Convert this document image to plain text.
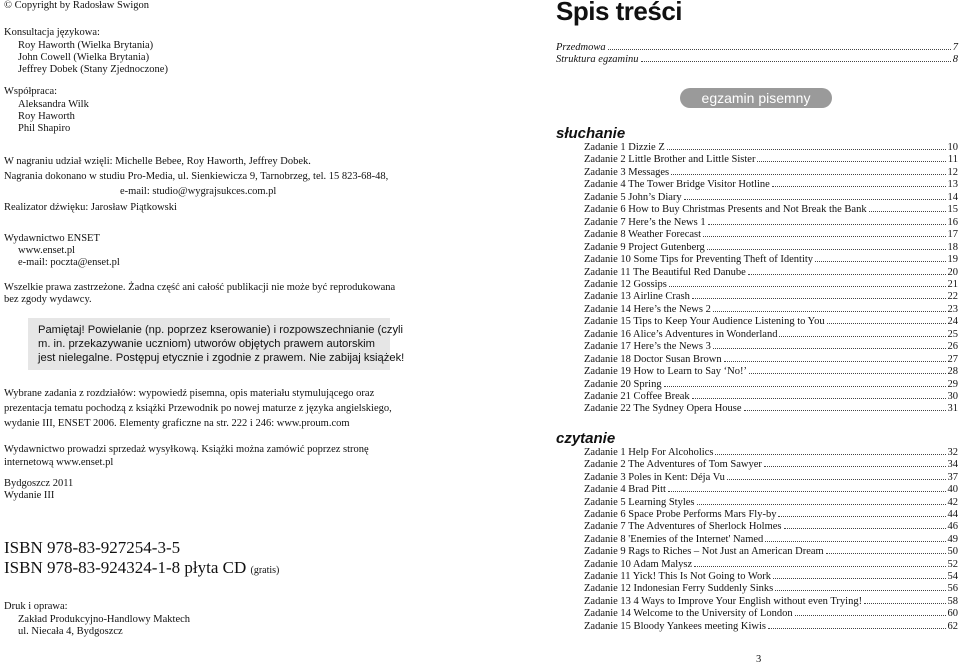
© Copyright by Radosław Swigon
Konsultacja językowa:
Roy Haworth (Wielka Brytania)
John Cowell (Wielka Brytania)
Jeffrey Dobek (Stany Zjednoczone)
Współpraca:
Aleksandra Wilk
Roy Haworth
Phil Shapiro
W nagraniu udział wzięli: Michelle Bebee, Roy Haworth, Jeffrey Dobek.
Nagrania dokonano w studiu Pro-Media, ul. Sienkiewicza 9, Tarnobrzeg, tel. 15 823-68-48,
e-mail: studio@wygrajsukces.com.pl
Realizator dźwięku: Jarosław Piątkowski
Wydawnictwo ENSET
www.enset.pl
e-mail: poczta@enset.pl
Wszelkie prawa zastrzeżone. Żadna część ani całość publikacji nie może być reprodukowana
bez zgody wydawcy.
Pamiętaj! Powielanie (np. poprzez kserowanie) i rozpowszechnianie (czyli
m. in. przekazywanie uczniom) utworów objętych prawem autorskim
jest nielegalne. Postępuj etycznie i zgodnie z prawem. Nie zabijaj książek!
Wybrane zadania z rozdziałów: wypowiedź pisemna, opis materiału stymulującego oraz
prezentacja tematu pochodzą z książki Przewodnik po nowej maturze z języka angielskiego,
wydanie III, ENSET 2006. Elementy graficzne na str. 222 i 246: www.proum.com
Wydawnictwo prowadzi sprzedaż wysyłkową. Książki można zamówić poprzez stronę
internetową www.enset.pl
Bydgoszcz 2011
Wydanie III
ISBN 978-83-927254-3-5
ISBN 978-83-924324-1-8 płyta CD (gratis)
Druk i oprawa:
Zakład Produkcyjno-Handlowy Maktech
ul. Niecała 4, Bydgoszcz
Spis treści
Przedmowa	7
Struktura egzaminu	8
egzamin pisemny
słuchanie
Zadanie 1 Dizzie Z	10
Zadanie 2 Little Brother and Little Sister	11
Zadanie 3 Messages	12
Zadanie 4 The Tower Bridge Visitor Hotline	13
Zadanie 5 John’s Diary	14
Zadanie 6 How to Buy Christmas Presents and Not Break the Bank	15
Zadanie 7 Here’s the News 1	16
Zadanie 8 Weather Forecast	17
Zadanie 9 Project Gutenberg	18
Zadanie 10 Some Tips for Preventing Theft of Identity	19
Zadanie 11 The Beautiful Red Danube	20
Zadanie 12 Gossips	21
Zadanie 13 Airline Crash	22
Zadanie 14 Here’s the News 2	23
Zadanie 15 Tips to Keep Your Audience Listening to You	24
Zadanie 16 Alice’s Adventures in Wonderland	25
Zadanie 17 Here’s the News 3	26
Zadanie 18 Doctor Susan Brown	27
Zadanie 19 How to Learn to Say ‘No!’	28
Zadanie 20 Spring	29
Zadanie 21 Coffee Break	30
Zadanie 22 The Sydney Opera House	31
czytanie
Zadanie 1 Help For Alcoholics	32
Zadanie 2 The Adventures of Tom Sawyer	34
Zadanie 3 Poles in Kent: Déja Vu	37
Zadanie 4 Brad Pitt	40
Zadanie 5 Learning Styles	42
Zadanie 6 Space Probe Performs Mars Fly-by	44
Zadanie 7 The Adventures of Sherlock Holmes	46
Zadanie 8 'Enemies of the Internet' Named	49
Zadanie 9 Rags to Riches – Not Just an American Dream	50
Zadanie 10 Adam Malysz	52
Zadanie 11 Yick! This Is Not Going to Work	54
Zadanie 12 Indonesian Ferry Suddenly Sinks	56
Zadanie 13 4 Ways to Improve Your English without even Trying!	58
Zadanie 14 Welcome to the University of London	60
Zadanie 15 Bloody Yankees meeting Kiwis	62
3
